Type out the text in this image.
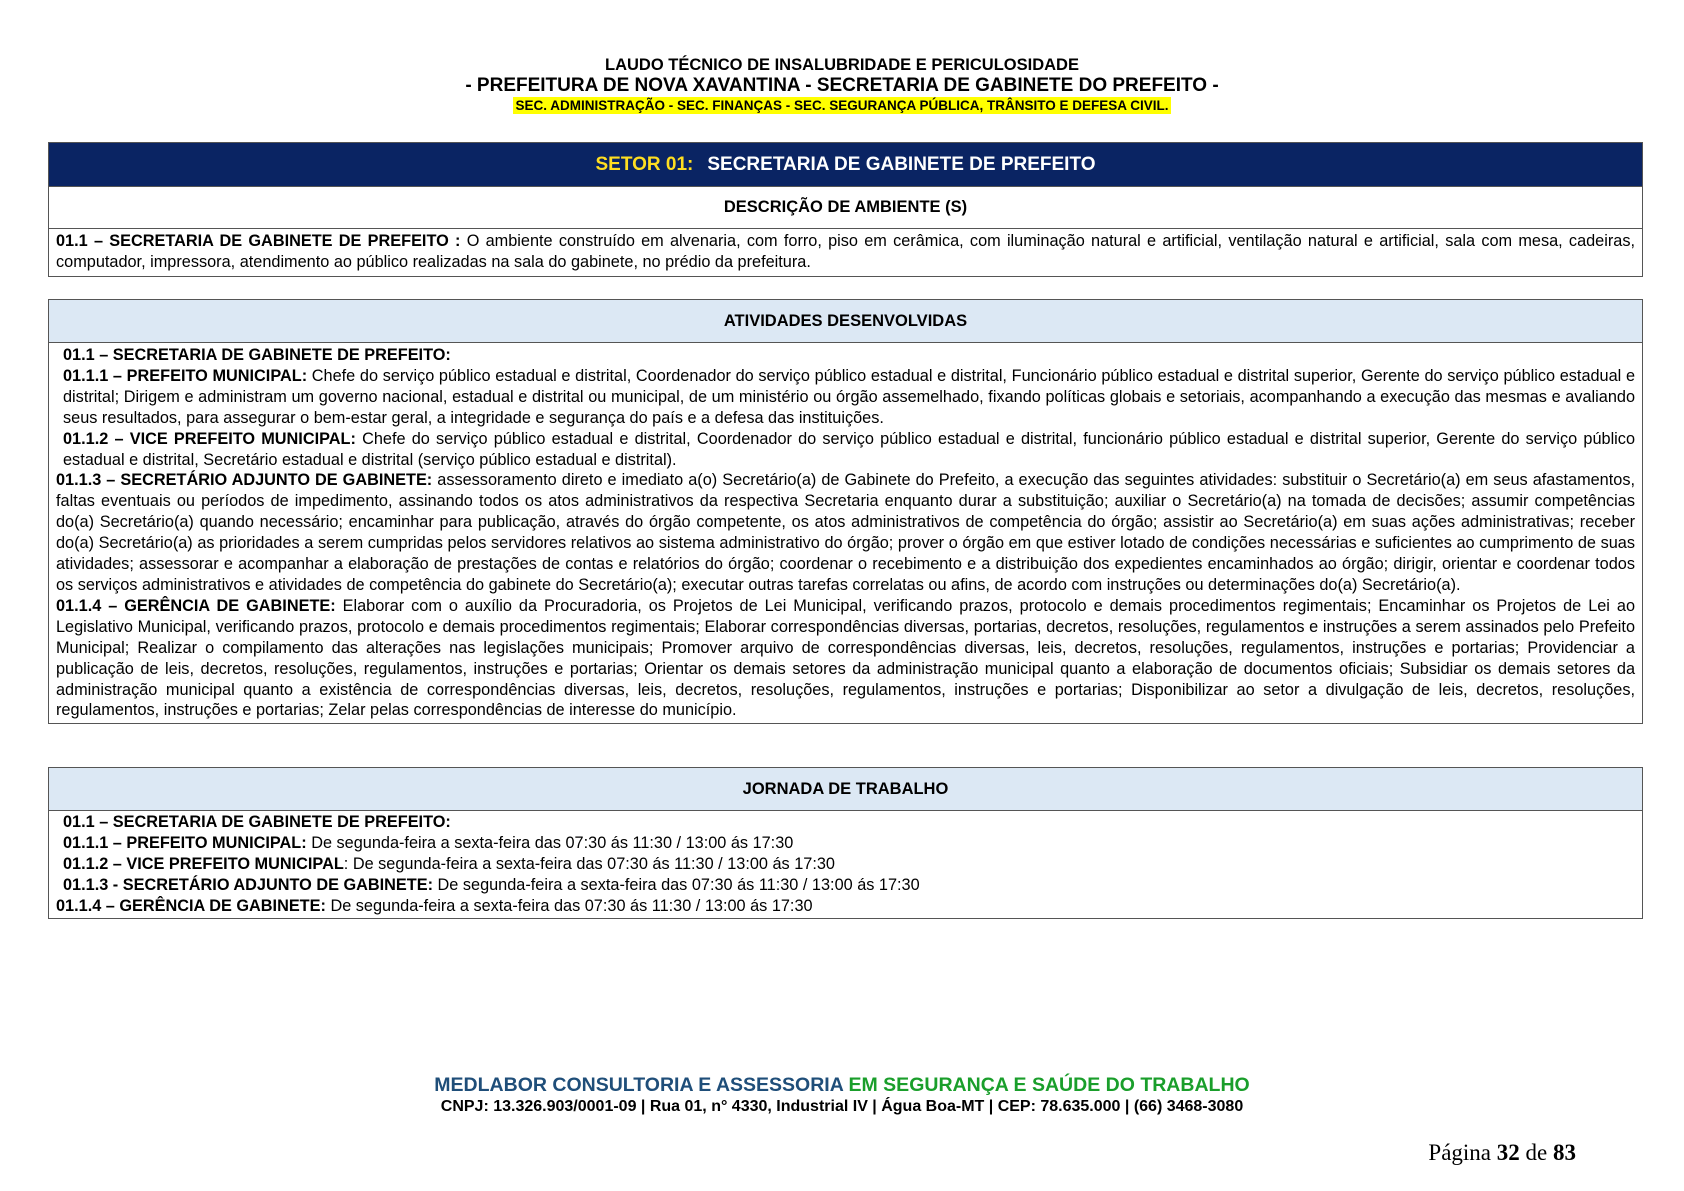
LAUDO TÉCNICO DE INSALUBRIDADE E PERICULOSIDADE
- PREFEITURA DE NOVA XAVANTINA - SECRETARIA DE GABINETE DO PREFEITO -
SEC. ADMINISTRAÇÃO - SEC. FINANÇAS - SEC. SEGURANÇA PÚBLICA, TRÂNSITO E DEFESA CIVIL.
SETOR 01: SECRETARIA DE GABINETE DE PREFEITO
DESCRIÇÃO DE AMBIENTE (S)

01.1 – SECRETARIA DE GABINETE DE PREFEITO : O ambiente construído em alvenaria, com forro, piso em cerâmica, com iluminação natural e artificial, ventilação natural e artificial, sala com mesa, cadeiras, computador, impressora, atendimento ao público realizadas na sala do gabinete, no prédio da prefeitura.

ATIVIDADES DESENVOLVIDAS

01.1 – SECRETARIA DE GABINETE DE PREFEITO:

01.1.1 – PREFEITO MUNICIPAL: Chefe do serviço público estadual e distrital, Coordenador do serviço público estadual e distrital, Funcionário público estadual e distrital superior, Gerente do serviço público estadual e distrital; Dirigem e administram um governo nacional, estadual e distrital ou municipal, de um ministério ou órgão assemelhado, fixando políticas globais e setoriais, acompanhando a execução das mesmas e avaliando seus resultados, para assegurar o bem-estar geral, a integridade e segurança do país e a defesa das instituições.

01.1.2 – VICE PREFEITO MUNICIPAL: Chefe do serviço público estadual e distrital, Coordenador do serviço público estadual e distrital, funcionário público estadual e distrital superior, Gerente do serviço público estadual e distrital, Secretário estadual e distrital (serviço público estadual e distrital).

01.1.3 – SECRETÁRIO ADJUNTO DE GABINETE: assessoramento direto e imediato a(o) Secretário(a) de Gabinete do Prefeito, a execução das seguintes atividades: substituir o Secretário(a) em seus afastamentos, faltas eventuais ou períodos de impedimento, assinando todos os atos administrativos da respectiva Secretaria enquanto durar a substituição; auxiliar o Secretário(a) na tomada de decisões; assumir competências do(a) Secretário(a) quando necessário; encaminhar para publicação, através do órgão competente, os atos administrativos de competência do órgão; assistir ao Secretário(a) em suas ações administrativas; receber do(a) Secretário(a) as prioridades a serem cumpridas pelos servidores relativos ao sistema administrativo do órgão; prover o órgão em que estiver lotado de condições necessárias e suficientes ao cumprimento de suas atividades; assessorar e acompanhar a elaboração de prestações de contas e relatórios do órgão; coordenar o recebimento e a distribuição dos expedientes encaminhados ao órgão; dirigir, orientar e coordenar todos os serviços administrativos e atividades de competência do gabinete do Secretário(a); executar outras tarefas correlatas ou afins, de acordo com instruções ou determinações do(a) Secretário(a).

01.1.4 – GERÊNCIA DE GABINETE: Elaborar com o auxílio da Procuradoria, os Projetos de Lei Municipal, verificando prazos, protocolo e demais procedimentos regimentais; Encaminhar os Projetos de Lei ao Legislativo Municipal, verificando prazos, protocolo e demais procedimentos regimentais; Elaborar correspondências diversas, portarias, decretos, resoluções, regulamentos e instruções a serem assinados pelo Prefeito Municipal; Realizar o compilamento das alterações nas legislações municipais; Promover arquivo de correspondências diversas, leis, decretos, resoluções, regulamentos, instruções e portarias; Providenciar a publicação de leis, decretos, resoluções, regulamentos, instruções e portarias; Orientar os demais setores da administração municipal quanto a elaboração de documentos oficiais; Subsidiar os demais setores da administração municipal quanto a existência de correspondências diversas, leis, decretos, resoluções, regulamentos, instruções e portarias; Disponibilizar ao setor a divulgação de leis, decretos, resoluções, regulamentos, instruções e portarias; Zelar pelas correspondências de interesse do município.

JORNADA DE TRABALHO

01.1 – SECRETARIA DE GABINETE DE PREFEITO:

01.1.1 – PREFEITO MUNICIPAL: De segunda-feira a sexta-feira das 07:30 ás 11:30 / 13:00 ás 17:30

01.1.2 – VICE PREFEITO MUNICIPAL: De segunda-feira a sexta-feira das 07:30 ás 11:30 / 13:00 ás 17:30

01.1.3 - SECRETÁRIO ADJUNTO DE GABINETE: De segunda-feira a sexta-feira das 07:30 ás 11:30 / 13:00 ás 17:30

01.1.4 – GERÊNCIA DE GABINETE: De segunda-feira a sexta-feira das 07:30 ás 11:30 / 13:00 ás 17:30

MEDLABOR CONSULTORIA E ASSESSORIA EM SEGURANÇA E SAÚDE DO TRABALHO
CNPJ: 13.326.903/0001-09 | Rua 01, n° 4330, Industrial IV | Água Boa-MT | CEP: 78.635.000 | (66) 3468-3080
Página 32 de 83
